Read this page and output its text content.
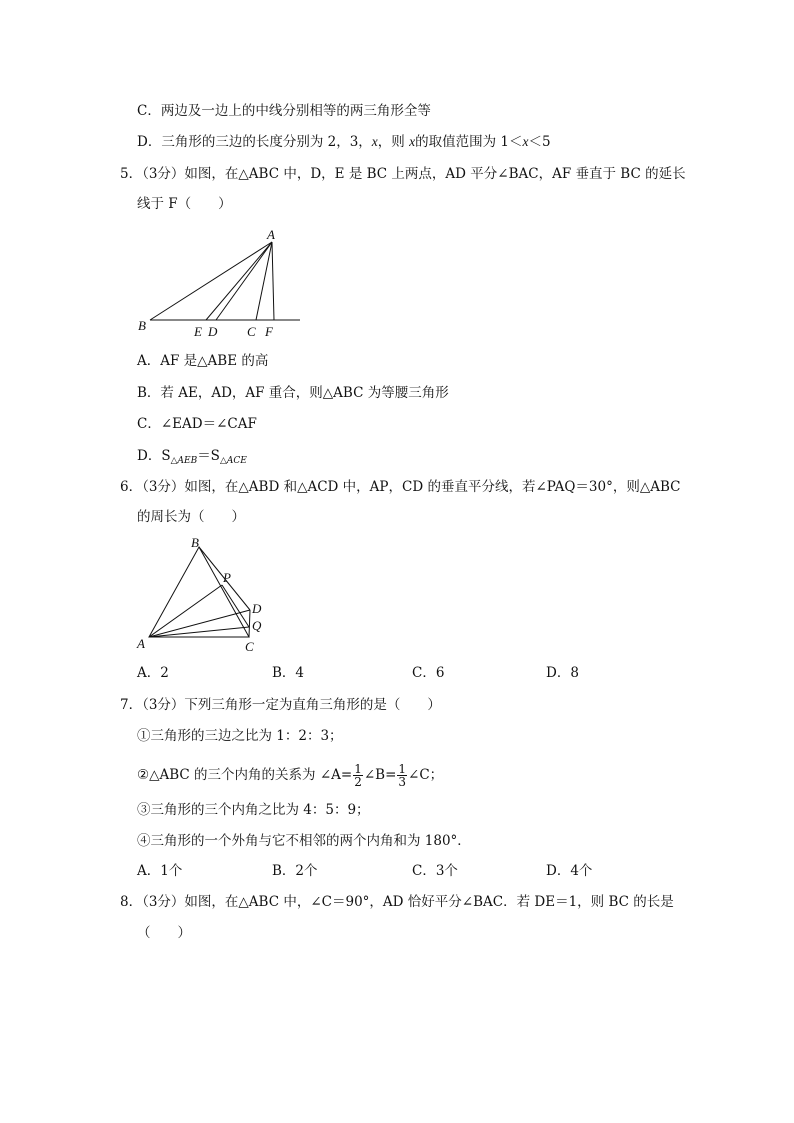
C．两边及一边上的中线分别相等的两三角形全等
D．三角形的三边的长度分别为 2，3，x，则 x的取值范围为 1＜x＜5
5．（3分）如图，在△ABC 中，D，E 是 BC 上两点，AD 平分∠BAC，AF 垂直于 BC 的延长
线于 F（　　）
A
B	E D C F
A．AF 是△ABE 的高
B．若 AE，AD，AF 重合，则△ABC 为等腰三角形
C．∠EAD＝∠CAF
D．$S_{\triangle AEB}=S_{\triangle ACE}$
6．（3分）如图，在△ABD 和△ACD 中，AP，CD 的垂直平分线，若∠PAQ＝30°，则△ABC
的周长为（　　）
B
P
D
Q
A	C
A．2	B．4	C．6	D．8
7．（3分）下列三角形一定为直角三角形的是（　　）
①三角形的三边之比为 1：2：3；
②△ABC 的三个内角的关系为 ∠A= $\frac{1}{2}$ ∠B= $\frac{1}{3}$ ∠C；
③三角形的三个内角之比为 4：5：9；
④三角形的一个外角与它不相邻的两个内角和为 180°．
A．1个	B．2个	C．3个	D．4个
8．（3分）如图，在△ABC 中，∠C＝90°，AD 恰好平分∠BAC．若 DE＝1，则 BC 的长是
（　　）
